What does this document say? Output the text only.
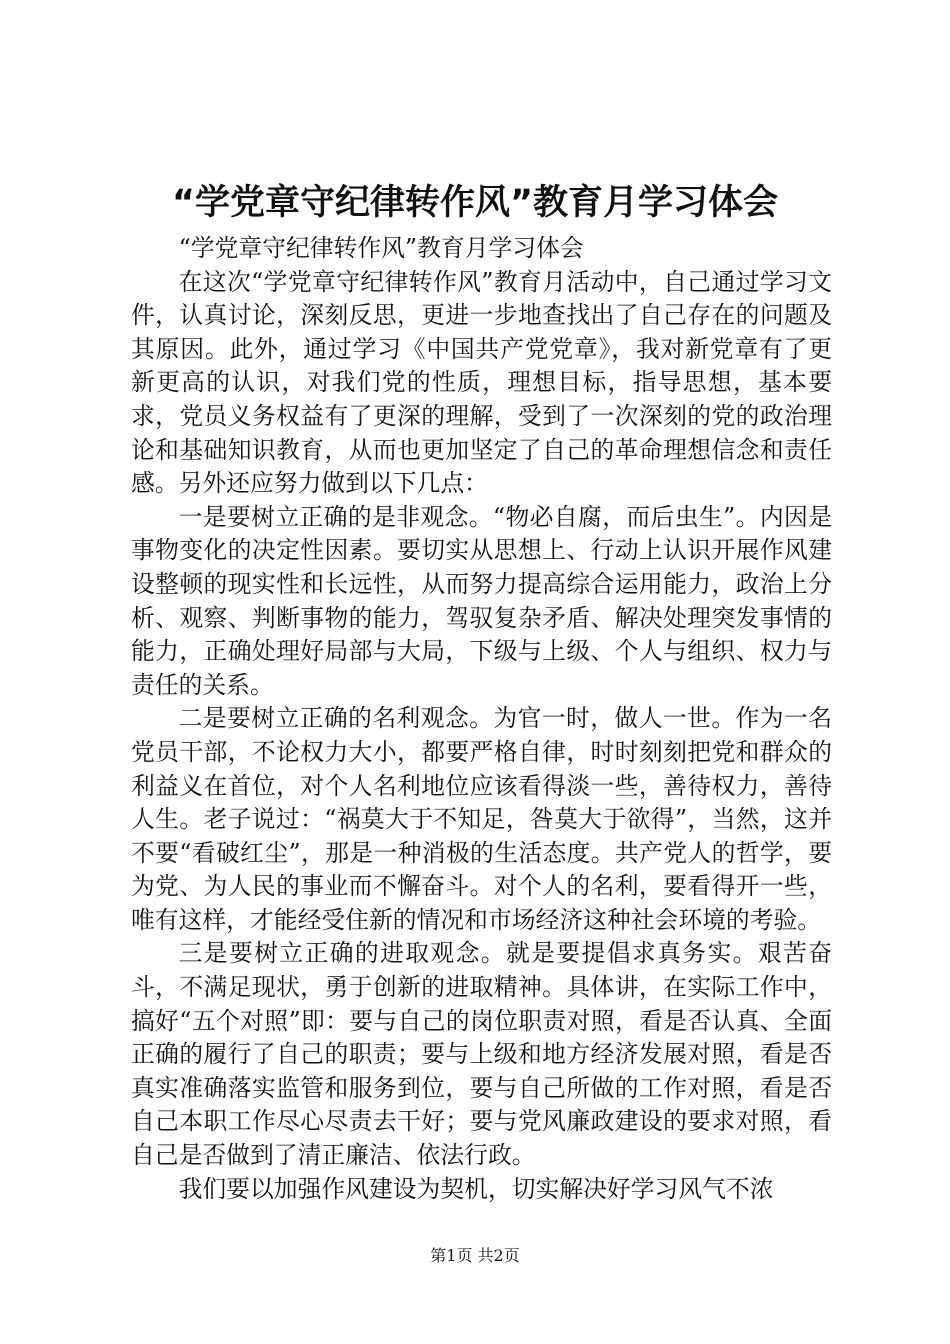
“学党章守纪律转作风”教育月学习体会

“学党章守纪律转作风”教育月学习体会

在这次“学党章守纪律转作风”教育月活动中，自己通过学习文件，认真讨论，深刻反思，更进一步地查找出了自己存在的问题及其原因。此外，通过学习《中国共产党党章》，我对新党章有了更新更高的认识，对我们党的性质，理想目标，指导思想，基本要求，党员义务权益有了更深的理解，受到了一次深刻的党的政治理论和基础知识教育，从而也更加坚定了自己的革命理想信念和责任感。另外还应努力做到以下几点：

一是要树立正确的是非观念。“物必自腐，而后虫生”。内因是事物变化的决定性因素。要切实从思想上、行动上认识开展作风建设整顿的现实性和长远性，从而努力提高综合运用能力，政治上分析、观察、判断事物的能力，驾驭复杂矛盾、解决处理突发事情的能力，正确处理好局部与大局，下级与上级、个人与组织、权力与责任的关系。

二是要树立正确的名利观念。为官一时，做人一世。作为一名党员干部，不论权力大小，都要严格自律，时时刻刻把党和群众的利益义在首位，对个人名利地位应该看得淡一些，善待权力，善待人生。老子说过：“祸莫大于不知足，咎莫大于欲得”，当然，这并不要“看破红尘”，那是一种消极的生活态度。共产党人的哲学，要为党、为人民的事业而不懈奋斗。对个人的名利，要看得开一些，唯有这样，才能经受住新的情况和市场经济这种社会环境的考验。

三是要树立正确的进取观念。就是要提倡求真务实。艰苦奋斗，不满足现状，勇于创新的进取精神。具体讲，在实际工作中，搞好“五个对照”即：要与自己的岗位职责对照，看是否认真、全面正确的履行了自己的职责；要与上级和地方经济发展对照，看是否真实准确落实监管和服务到位，要与自己所做的工作对照，看是否自己本职工作尽心尽责去干好；要与党风廉政建设的要求对照，看自己是否做到了清正廉洁、依法行政。

我们要以加强作风建设为契机，切实解决好学习风气不浓

第1页 共2页
